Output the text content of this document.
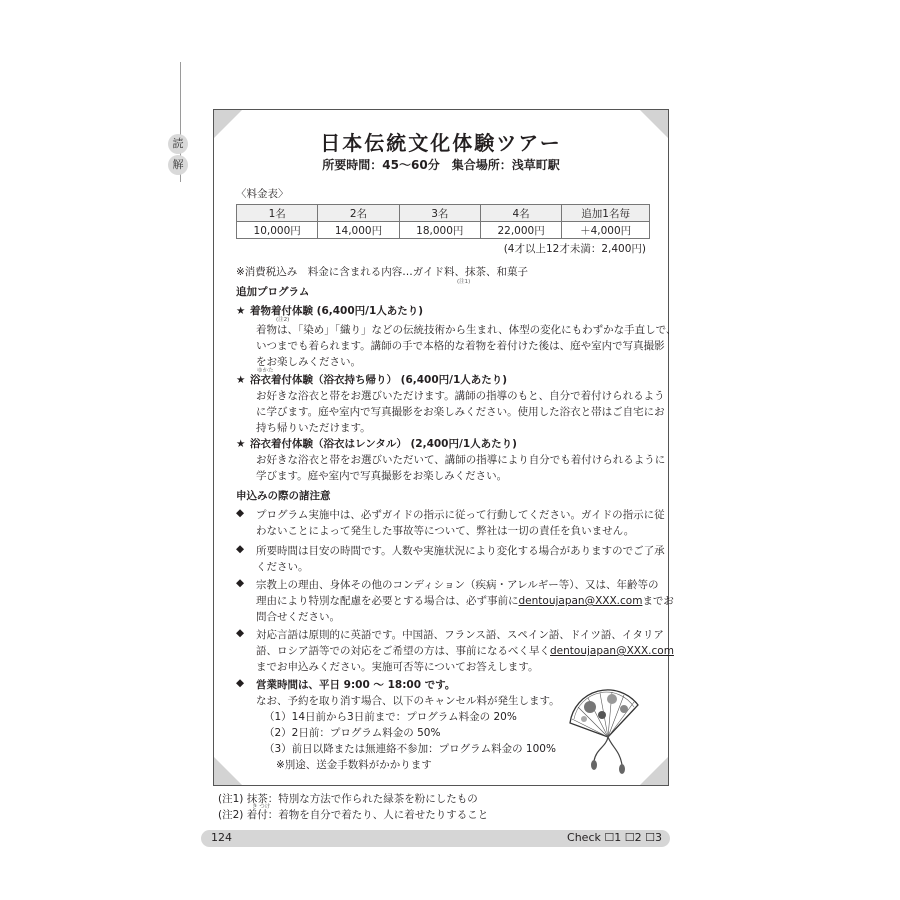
読
解
日本伝統文化体験ツアー
所要時間：45～60分　集合場所：浅草町駅
〈料金表〉
1名	2名	3名	4名	追加1名毎
10,000円	14,000円	18,000円	22,000円	＋4,000円
(4才以上12才未満：2,400円)
※消費税込み　料金に含まれる内容…ガイド料、抹茶、和菓子
(注1)
追加プログラム
★ 着物着付体験 (6,400円/1人あたり)
(注2)
着物は、「染め」「織り」などの伝統技術から生まれ、体型の変化にもわずかな手直しで、
いつまでも着られます。講師の手で本格的な着物を着付けた後は、庭や室内で写真撮影
をお楽しみください。
ゆかた
★ 浴衣着付体験（浴衣持ち帰り） (6,400円/1人あたり)
お好きな浴衣と帯をお選びいただけます。講師の指導のもと、自分で着付けられるよう
に学びます。庭や室内で写真撮影をお楽しみください。使用した浴衣と帯はご自宅にお
持ち帰りいただけます。
★ 浴衣着付体験（浴衣はレンタル） (2,400円/1人あたり)
お好きな浴衣と帯をお選びいただいて、講師の指導により自分でも着付けられるように
学びます。庭や室内で写真撮影をお楽しみください。
申込みの際の諸注意
◆	プログラム実施中は、必ずガイドの指示に従って行動してください。ガイドの指示に従
わないことによって発生した事故等について、弊社は一切の責任を負いません。
◆	所要時間は目安の時間です。人数や実施状況により変化する場合がありますのでご了承
ください。
◆	宗教上の理由、身体その他のコンディション（疾病・アレルギー等）、又は、年齢等の
理由により特別な配慮を必要とする場合は、必ず事前にdentoujapan@XXX.comまでお
問合せください。
◆	対応言語は原則的に英語です。中国語、フランス語、スペイン語、ドイツ語、イタリア
語、ロシア語等での対応をご希望の方は、事前になるべく早くdentoujapan@XXX.com
までお申込みください。実施可否等についてお答えします。
◆	営業時間は、平日 9:00 ～ 18:00 です。
なお、予約を取り消す場合、以下のキャンセル料が発生します。
（1）14日前から3日前まで：プログラム料金の 20%
（2）2日前：プログラム料金の 50%
（3）前日以降または無連絡不参加：プログラム料金の 100%
※別途、送金手数料がかかります
(注1) 抹茶：特別な方法で作られた緑茶を粉にしたもの
き つけ
(注2) 着付：着物を自分で着たり、人に着せたりすること
124	Check ☐1 ☐2 ☐3
